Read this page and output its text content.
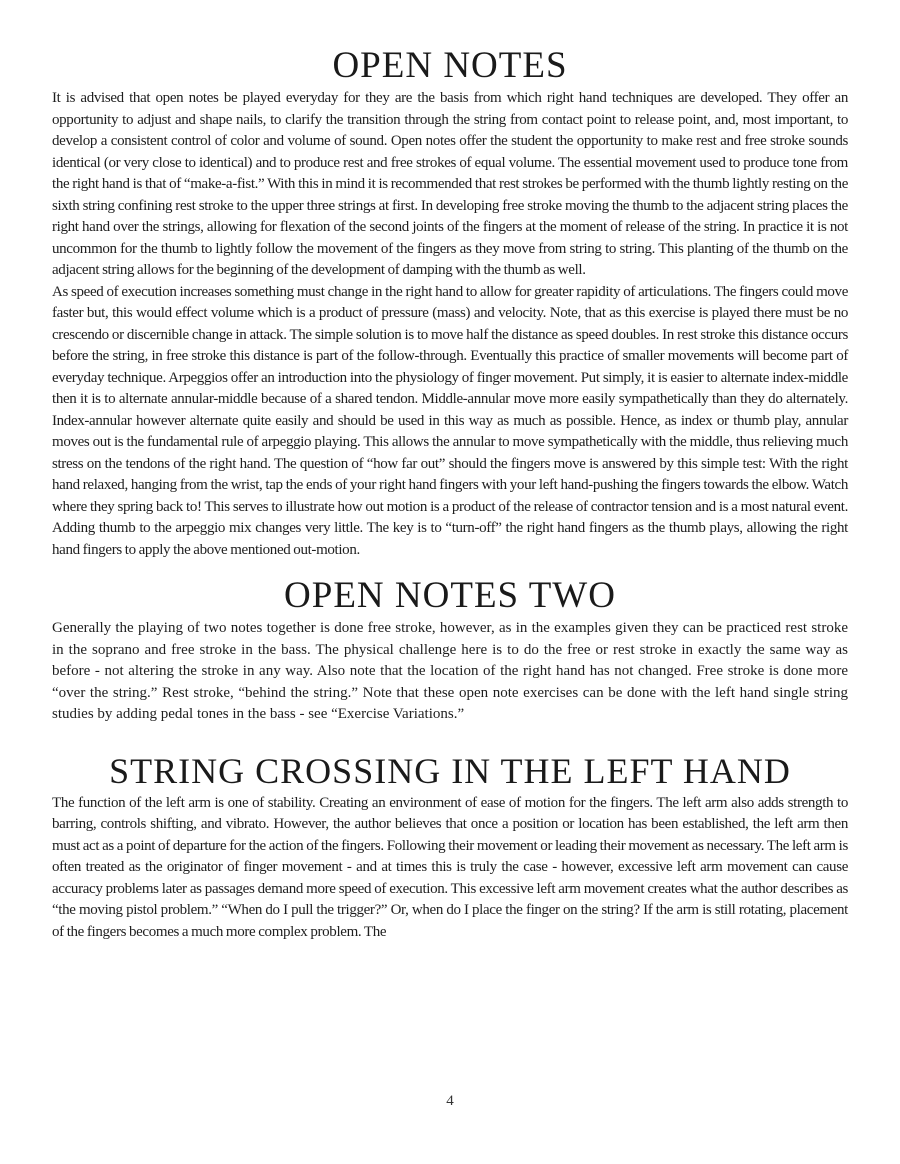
OPEN NOTES

It is advised that open notes be played everyday for they are the basis from which right hand techniques are developed. They offer an opportunity to adjust and shape nails, to clarify the transition through the string from contact point to release point, and, most important, to develop a consistent control of color and volume of sound. Open notes offer the student the opportunity to make rest and free stroke sounds identical (or very close to identical) and to produce rest and free strokes of equal volume. The essential movement used to produce tone from the right hand is that of “make-a-fist.” With this in mind it is recommended that rest strokes be performed with the thumb lightly resting on the sixth string confining rest stroke to the upper three strings at first. In developing free stroke moving the thumb to the adjacent string places the right hand over the strings, allowing for flexation of the second joints of the fingers at the moment of release of the string. In practice it is not uncommon for the thumb to lightly follow the movement of the fingers as they move from string to string. This planting of the thumb on the adjacent string allows for the beginning of the development of damping with the thumb as well.

As speed of execution increases something must change in the right hand to allow for greater rapidity of articulations. The fingers could move faster but, this would effect volume which is a product of pressure (mass) and velocity. Note, that as this exercise is played there must be no crescendo or discernible change in attack. The simple solution is to move half the distance as speed doubles. In rest stroke this distance occurs before the string, in free stroke this distance is part of the follow-through. Eventually this practice of smaller movements will become part of everyday technique. Arpeggios offer an introduction into the physiology of finger movement. Put simply, it is easier to alternate index-middle then it is to alternate annular-middle because of a shared tendon. Middle-annular move more easily sympathetically than they do alternately. Index-annular however alternate quite easily and should be used in this way as much as possible. Hence, as index or thumb play, annular moves out is the fundamental rule of arpeggio playing. This allows the annular to move sympathetically with the middle, thus relieving much stress on the tendons of the right hand. The question of “how far out” should the fingers move is answered by this simple test: With the right hand relaxed, hanging from the wrist, tap the ends of your right hand fingers with your left hand-pushing the fingers towards the elbow. Watch where they spring back to! This serves to illustrate how out motion is a product of the release of contractor tension and is a most natural event. Adding thumb to the arpeggio mix changes very little. The key is to “turn-off” the right hand fingers as the thumb plays, allowing the right hand fingers to apply the above mentioned out-motion.

OPEN NOTES TWO

Generally the playing of two notes together is done free stroke, however, as in the examples given they can be practiced rest stroke in the soprano and free stroke in the bass. The physical challenge here is to do the free or rest stroke in exactly the same way as before - not altering the stroke in any way. Also note that the location of the right hand has not changed. Free stroke is done more “over the string.” Rest stroke, “behind the string.” Note that these open note exercises can be done with the left hand single string studies by adding pedal tones in the bass - see “Exercise Variations.”

STRING CROSSING IN THE LEFT HAND

The function of the left arm is one of stability. Creating an environment of ease of motion for the fingers. The left arm also adds strength to barring, controls shifting, and vibrato. However, the author believes that once a position or location has been established, the left arm then must act as a point of departure for the action of the fingers. Following their movement or leading their movement as necessary. The left arm is often treated as the originator of finger movement - and at times this is truly the case - however, excessive left arm movement can cause accuracy problems later as passages demand more speed of execution. This excessive left arm movement creates what the author describes as “the moving pistol problem.” “When do I pull the trigger?” Or, when do I place the finger on the string? If the arm is still rotating, placement of the fingers becomes a much more complex problem. The

4
